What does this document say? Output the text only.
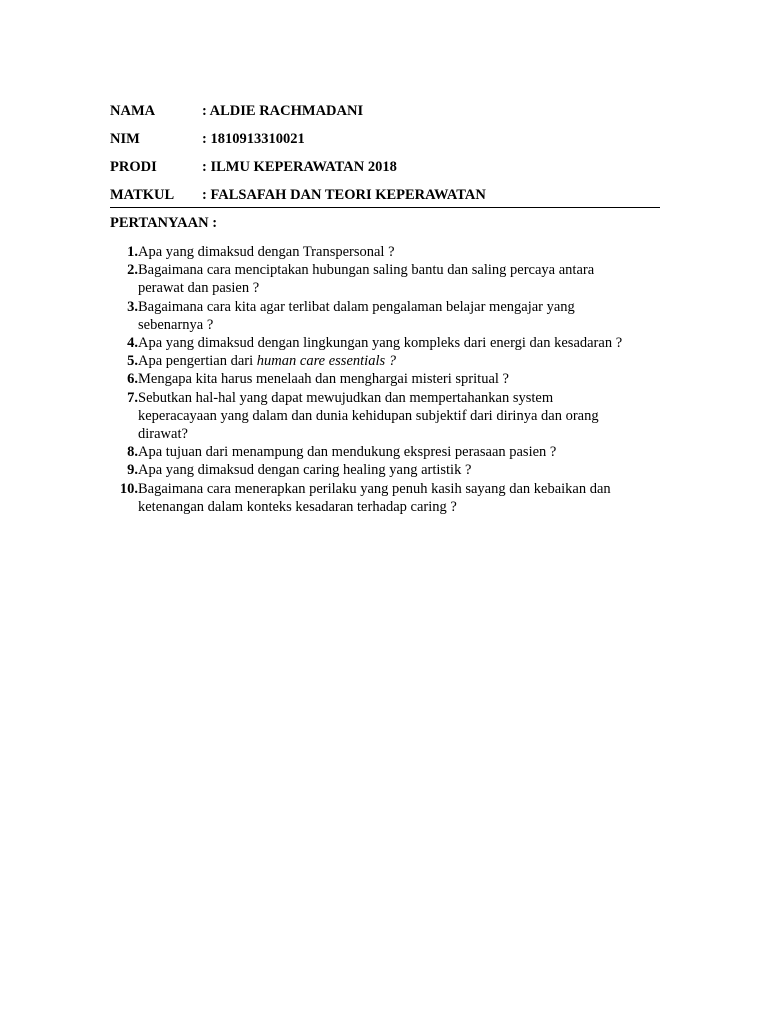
NAMA	: ALDIE RACHMADANI
NIM	: 1810913310021
PRODI	: ILMU KEPERAWATAN 2018
MATKUL	: FALSAFAH DAN TEORI KEPERAWATAN
PERTANYAAN :
1. Apa yang dimaksud dengan Transpersonal ?
2. Bagaimana cara menciptakan hubungan saling bantu dan saling percaya antara
perawat dan pasien ?
3. Bagaimana cara kita agar terlibat dalam pengalaman belajar mengajar yang
sebenarnya ?
4. Apa yang dimaksud dengan lingkungan yang kompleks dari energi dan kesadaran ?
5. Apa pengertian dari human care essentials ?
6. Mengapa kita harus menelaah dan menghargai misteri spritual ?
7. Sebutkan hal-hal yang dapat mewujudkan dan mempertahankan system
keperacayaan yang dalam dan dunia kehidupan subjektif dari dirinya dan orang
dirawat?
8. Apa tujuan dari menampung dan mendukung ekspresi perasaan pasien ?
9. Apa yang dimaksud dengan caring healing yang artistik ?
10. Bagaimana cara menerapkan perilaku yang penuh kasih sayang dan kebaikan dan
ketenangan dalam konteks kesadaran terhadap caring ?
